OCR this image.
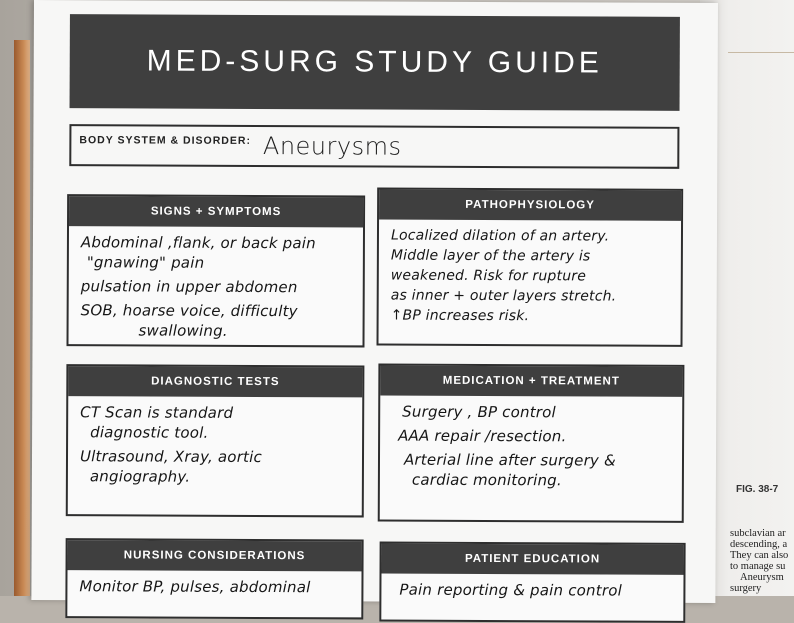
FIG. 38-7
subclavian ar
descending, a
They can also
to manage su
Aneurysm
surgery
MED-SURG STUDY GUIDE
BODY SYSTEM & DISORDER: Aneurysms
SIGNS + SYMPTOMS
Abdominal ,flank, or back pain
"gnawing" pain
pulsation in upper abdomen
SOB, hoarse voice, difficulty
swallowing.
PATHOPHYSIOLOGY
Localized dilation of an artery.
Middle layer of the artery is
weakened. Risk for rupture
as inner + outer layers stretch.
↑BP increases risk.
DIAGNOSTIC TESTS
CT Scan is standard
diagnostic tool.
Ultrasound, Xray, aortic
angiography.
MEDICATION + TREATMENT
Surgery , BP control
AAA repair /resection.
Arterial line after surgery &
cardiac monitoring.
NURSING CONSIDERATIONS
Monitor BP, pulses, abdominal
PATIENT EDUCATION
Pain reporting & pain control
